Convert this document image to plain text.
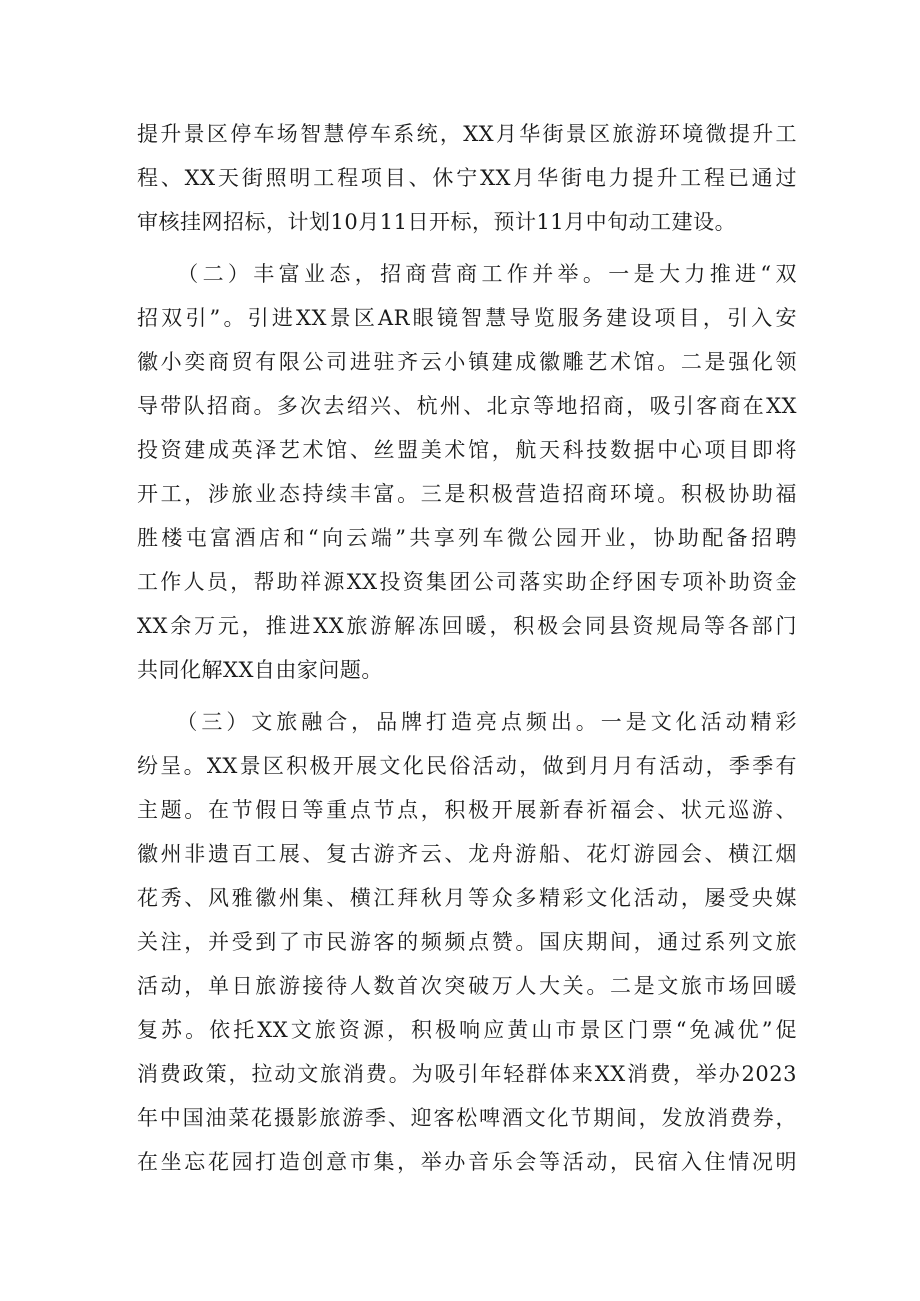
提升景区停车场智慧停车系统，XX月华街景区旅游环境微提升工
程、XX天街照明工程项目、休宁XX月华街电力提升工程已通过
审核挂网招标，计划10月11日开标，预计11月中旬动工建设。
　　（二）丰富业态，招商营商工作并举。一是大力推进“双
招双引”。引进XX景区AR眼镜智慧导览服务建设项目，引入安
徽小奕商贸有限公司进驻齐云小镇建成徽雕艺术馆。二是强化领
导带队招商。多次去绍兴、杭州、北京等地招商，吸引客商在XX
投资建成英泽艺术馆、丝盟美术馆，航天科技数据中心项目即将
开工，涉旅业态持续丰富。三是积极营造招商环境。积极协助福
胜楼屯富酒店和“向云端”共享列车微公园开业，协助配备招聘
工作人员，帮助祥源XX投资集团公司落实助企纾困专项补助资金
XX余万元，推进XX旅游解冻回暖，积极会同县资规局等各部门
共同化解XX自由家问题。
　　（三）文旅融合，品牌打造亮点频出。一是文化活动精彩
纷呈。XX景区积极开展文化民俗活动，做到月月有活动，季季有
主题。在节假日等重点节点，积极开展新春祈福会、状元巡游、
徽州非遗百工展、复古游齐云、龙舟游船、花灯游园会、横江烟
花秀、风雅徽州集、横江拜秋月等众多精彩文化活动，屡受央媒
关注，并受到了市民游客的频频点赞。国庆期间，通过系列文旅
活动，单日旅游接待人数首次突破万人大关。二是文旅市场回暖
复苏。依托XX文旅资源，积极响应黄山市景区门票“免减优”促
消费政策，拉动文旅消费。为吸引年轻群体来XX消费，举办2023
年中国油菜花摄影旅游季、迎客松啤酒文化节期间，发放消费券，
在坐忘花园打造创意市集，举办音乐会等活动，民宿入住情况明
